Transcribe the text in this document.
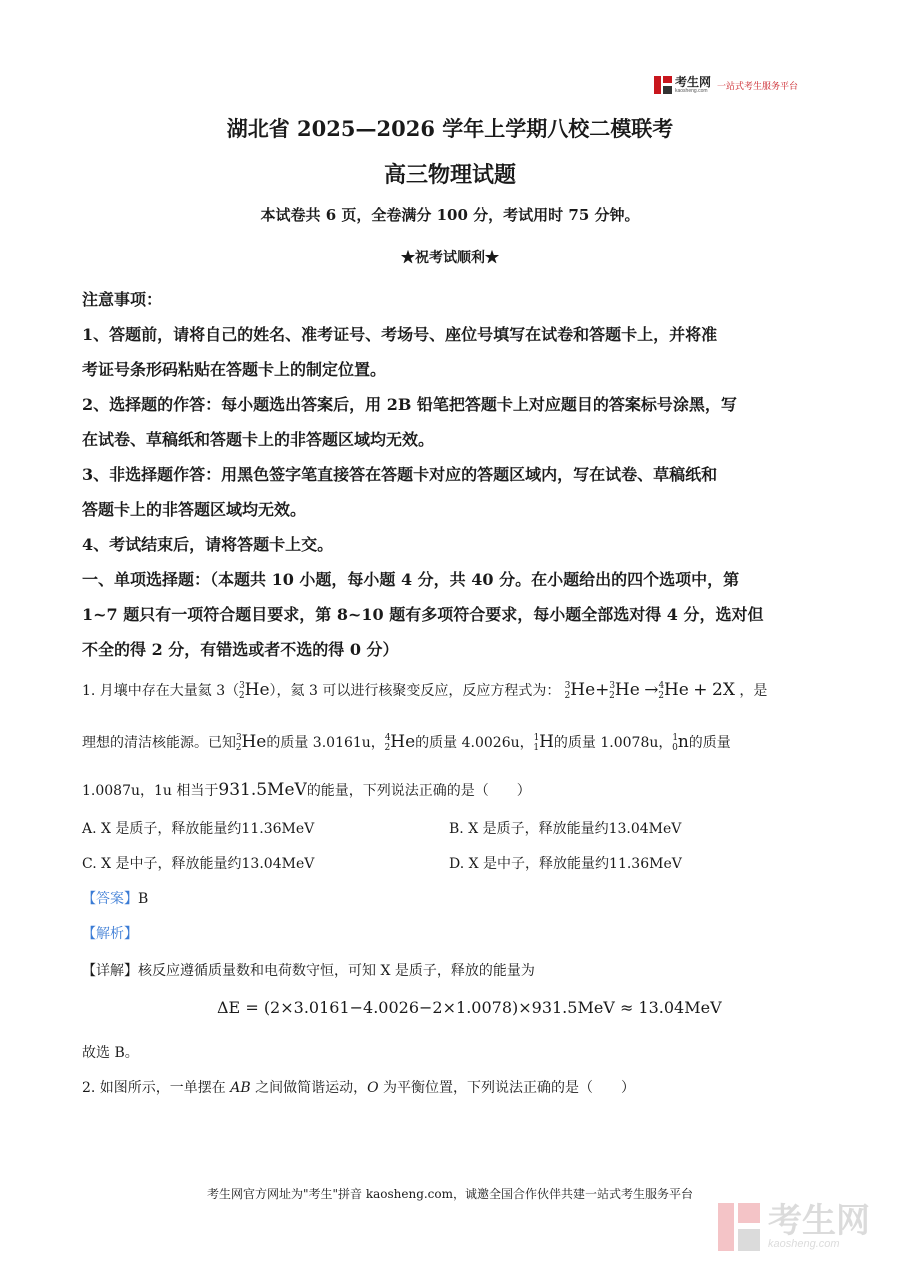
考生网
kaosheng.com
一站式考生服务平台
湖北省 2025—2026 学年上学期八校二模联考
高三物理试题
本试卷共 6 页，全卷满分 100 分，考试用时 75 分钟。
★祝考试顺利★
注意事项：
1、答题前，请将自己的姓名、准考证号、考场号、座位号填写在试卷和答题卡上，并将准
考证号条形码粘贴在答题卡上的制定位置。
2、选择题的作答：每小题选出答案后，用 2B 铅笔把答题卡上对应题目的答案标号涂黑，写
在试卷、草稿纸和答题卡上的非答题区域均无效。
3、非选择题作答：用黑色签字笔直接答在答题卡对应的答题区域内，写在试卷、草稿纸和
答题卡上的非答题区域均无效。
4、考试结束后，请将答题卡上交。
一、单项选择题：（本题共 10 小题，每小题 4 分，共 40 分。在小题给出的四个选项中，第
1~7 题只有一项符合题目要求，第 8~10 题有多项符合要求，每小题全部选对得 4 分，选对但
不全的得 2 分，有错选或者不选的得 0 分）
1. 月壤中存在大量氦 3（$^3_2$He），氦 3 可以进行核聚变反应，反应方程式为： $^3_2$He+$^3_2$He →$^4_2$He + 2X ，是
理想的清洁核能源。已知$^3_2$He的质量 3.0161u，$^4_2$He的质量 4.0026u，$^1_1$H的质量 1.0078u，$^1_0$n的质量
1.0087u，1u 相当于931.5MeV的能量，下列说法正确的是（　　）
A. X 是质子，释放能量约11.36MeV	B. X 是质子，释放能量约13.04MeV
C. X 是中子，释放能量约13.04MeV	D. X 是中子，释放能量约11.36MeV
【答案】B
【解析】
【详解】核反应遵循质量数和电荷数守恒，可知 X 是质子，释放的能量为
ΔE = (2×3.0161−4.0026−2×1.0078)×931.5MeV ≈ 13.04MeV
故选 B。
2. 如图所示，一单摆在 AB 之间做简谐运动，O 为平衡位置，下列说法正确的是（　　）
考生网官方网址为"考生"拼音 kaosheng.com，诚邀全国合作伙伴共建一站式考生服务平台
考生网
kaosheng.com
